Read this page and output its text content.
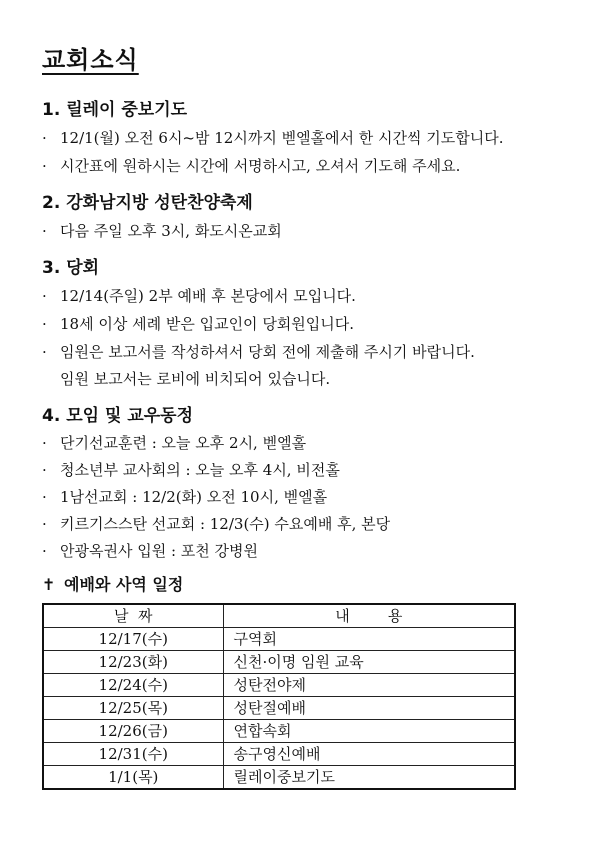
교회소식
1. 릴레이 중보기도

· 12/1(월) 오전 6시~밤 12시까지 벧엘홀에서 한 시간씩 기도합니다.

· 시간표에 원하시는 시간에 서명하시고, 오셔서 기도해 주세요.

2. 강화남지방 성탄찬양축제

· 다음 주일 오후 3시, 화도시온교회

3. 당회

· 12/14(주일) 2부 예배 후 본당에서 모입니다.

· 18세 이상 세례 받은 입교인이 당회원입니다.

· 임원은 보고서를 작성하셔서 당회 전에 제출해 주시기 바랍니다.

임원 보고서는 로비에 비치되어 있습니다.

4. 모임 및 교우동정

· 단기선교훈련 : 오늘 오후 2시, 벧엘홀

· 청소년부 교사회의 : 오늘 오후 4시, 비전홀

· 1남선교회 : 12/2(화) 오전 10시, 벧엘홀

· 키르기스스탄 선교회 : 12/3(수) 수요예배 후, 본당

· 안광옥권사 입원 : 포천 강병원

✝ 예배와 사역 일정
날  짜	내        용
12/17(수)	구역회
12/23(화)	신천·이명 임원 교육
12/24(수)	성탄전야제
12/25(목)	성탄절예배
12/26(금)	연합속회
12/31(수)	송구영신예배
1/1(목)	릴레이중보기도
